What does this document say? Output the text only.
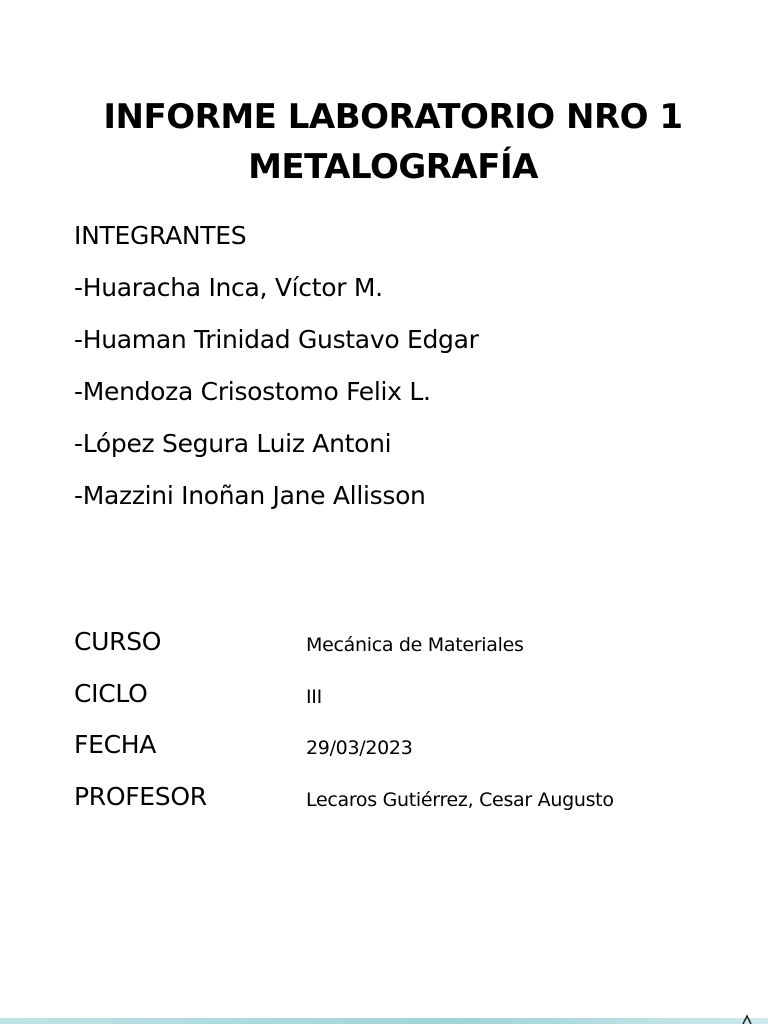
INFORME LABORATORIO NRO 1
METALOGRAFÍA
INTEGRANTES
-Huaracha Inca, Víctor M.
-Huaman Trinidad Gustavo Edgar
-Mendoza Crisostomo Felix L.
-López Segura Luiz Antoni
-Mazzini Inoñan Jane Allisson
CURSO	Mecánica de Materiales
CICLO	III
FECHA	29/03/2023
PROFESOR	Lecaros Gutiérrez, Cesar Augusto
